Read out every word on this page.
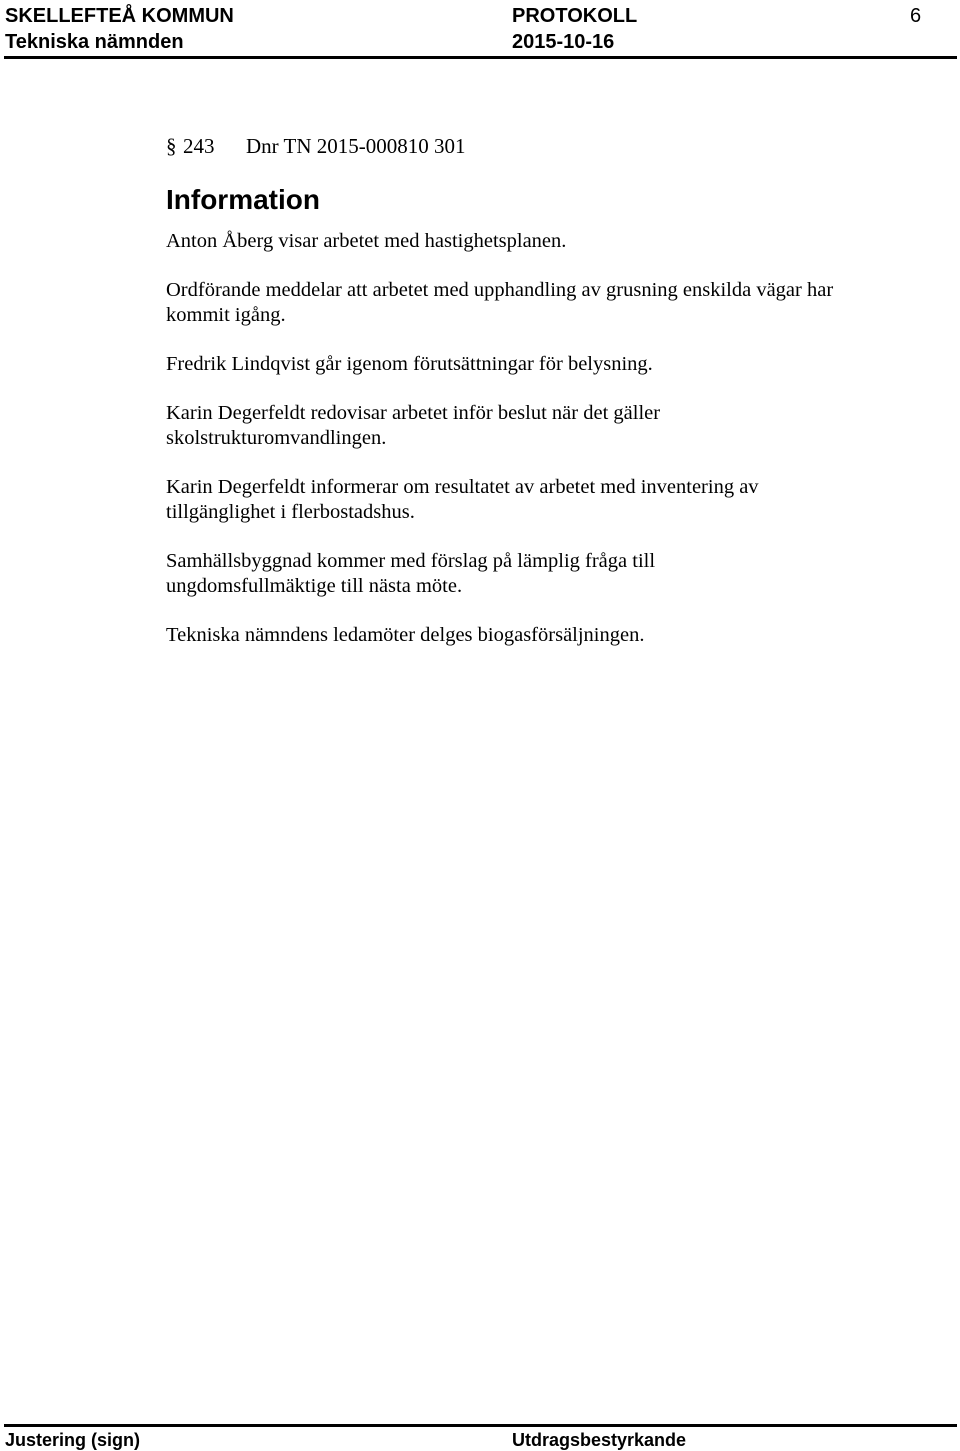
SKELLEFTEÅ KOMMUN
Tekniska nämnden
PROTOKOLL
2015-10-16
6
§ 243 Dnr TN 2015-000810 301
Information
Anton Åberg visar arbetet med hastighetsplanen.
Ordförande meddelar att arbetet med upphandling av grusning enskilda vägar har kommit igång.
Fredrik Lindqvist går igenom förutsättningar för belysning.
Karin Degerfeldt redovisar arbetet inför beslut när det gäller skolstrukturomvandlingen.
Karin Degerfeldt informerar om resultatet av arbetet med inventering av tillgänglighet i flerbostadshus.
Samhällsbyggnad kommer med förslag på lämplig fråga till ungdomsfullmäktige till nästa möte.
Tekniska nämndens ledamöter delges biogasförsäljningen.
Justering (sign)	Utdragsbestyrkande
